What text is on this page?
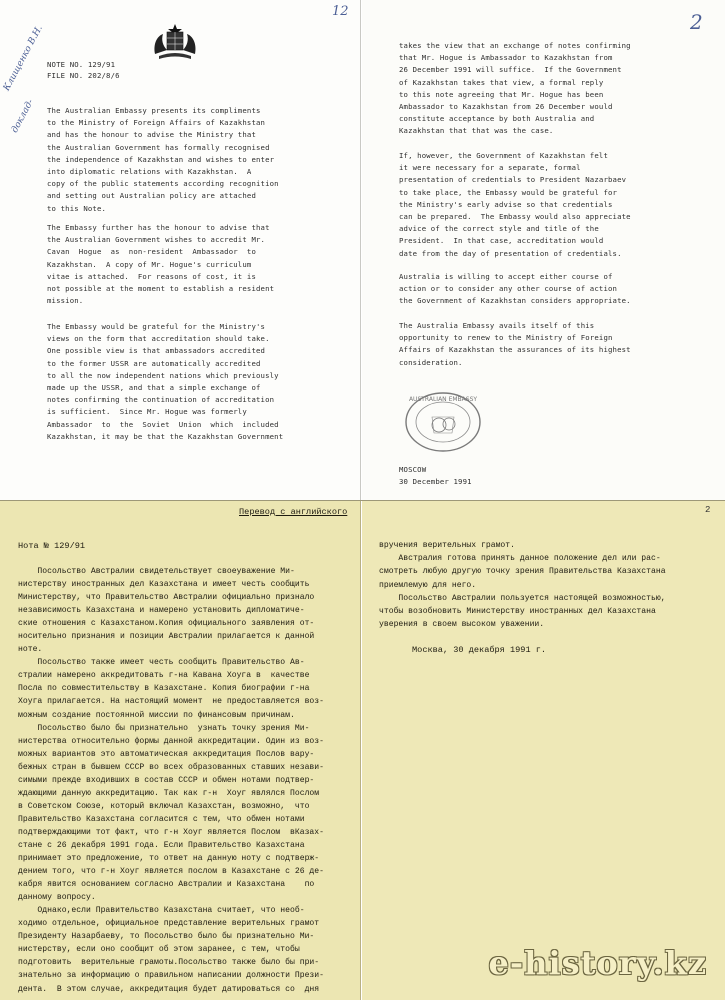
12
Клищенко В.Н.
доклад-
NOTE NO. 129/91
FILE NO. 202/8/6
The Australian Embassy presents its compliments
to the Ministry of Foreign Affairs of Kazakhstan
and has the honour to advise the Ministry that
the Australian Government has formally recognised
the independence of Kazakhstan and wishes to enter
into diplomatic relations with Kazakhstan.  A
copy of the public statements according recognition
and setting out Australian policy are attached
to this Note.
The Embassy further has the honour to advise that
the Australian Government wishes to accredit Mr.
Cavan  Hogue  as  non-resident  Ambassador  to
Kazakhstan.  A copy of Mr. Hogue's curriculum
vitae is attached.  For reasons of cost, it is
not possible at the moment to establish a resident
mission.
The Embassy would be grateful for the Ministry's
views on the form that accreditation should take.
One possible view is that ambassadors accredited
to the former USSR are automatically accredited
to all the now independent nations which previously
made up the USSR, and that a simple exchange of
notes confirming the continuation of accreditation
is sufficient.  Since Mr. Hogue was formerly
Ambassador  to  the  Soviet  Union  which  included
Kazakhstan, it may be that the Kazakhstan Government
2
takes the view that an exchange of notes confirming
that Mr. Hogue is Ambassador to Kazakhstan from
26 December 1991 will suffice.  If the Government
of Kazakhstan takes that view, a formal reply
to this note agreeing that Mr. Hogue has been
Ambassador to Kazakhstan from 26 December would
constitute acceptance by both Australia and
Kazakhstan that that was the case.
If, however, the Government of Kazakhstan felt
it were necessary for a separate, formal
presentation of credentials to President Nazarbaev
to take place, the Embassy would be grateful for
the Ministry's early advise so that credentials
can be prepared.  The Embassy would also appreciate
advice of the correct style and title of the
President.  In that case, accreditation would
date from the day of presentation of credentials.
Australia is willing to accept either course of
action or to consider any other course of action
the Government of Kazakhstan considers appropriate.
The Australia Embassy avails itself of this
opportunity to renew to the Ministry of Foreign
Affairs of Kazakhstan the assurances of its highest
consideration.
MOSCOW
30 December 1991
AUSTRALIAN EMBASSY
Нота № 129/91
Посольство Австралии свидетельствует своеуважение Ми-
нистерству иностранных дел Казахстана и имеет честь сообщить
Министерству, что Правительство Австралии официально признало
независимость Казахстана и намерено установить дипломатиче-
ские отношения с Казахстаном.Копия официального заявления от-
носительно признания и позиции Австралии прилагается к данной
ноте.
Посольство также имеет честь сообщить Правительство Ав-
стралии намерено аккредитовать г-на Кавана Хоуга в  качестве
Посла по совместительству в Казахстане. Копия биографии г-на
Хоуга прилагается. На настоящий момент  не предоставляется воз-
можным создание постоянной миссии по финансовым причинам.
Посольство было бы признательно  узнать точку зрения Ми-
нистерства относительно формы данной аккредитации. Один из воз-
можных вариантов это автоматическая аккредитация Послов вару-
бежных стран в бывшем СССР во всех образованных ставших незави-
симыми прежде входивших в состав СССР и обмен нотами подтвер-
ждающими данную аккредитацию. Так как г-н  Хоуг являлся Послом
в Советском Союзе, который включал Казахстан, возможно,  что
Правительство Казахстана согласится с тем, что обмен нотами
подтверждающими тот факт, что г-н Хоуг является Послом  вКазах-
стане с 26 декабря 1991 года. Если Правительство Казахстана
принимает это предложение, то ответ на данную ноту с подтверж-
дением того, что г-н Хоуг является послом в Казахстане с 26 де-
кабря явится основанием согласно Австралии и Казахстана    по
данному вопросу.
Однако,если Правительство Казахстана считает, что необ-
ходимо отдельное, официальное представление верительных грамот
Президенту Назарбаеву, то Посольство было бы признательно Ми-
нистерству, если оно сообщит об этом заранее, с тем, чтобы
подготовить  верительные грамоты.Посольство также было бы при-
знательно за информацию о правильном написании должности Прези-
дента.  В этом случае, аккредитация будет датироваться со  дня
Перевод с английского
вручения верительных грамот.
Австралия готова принять данное положение дел или рас-
смотреть любую другую точку зрения Правительства Казахстана
приемлемую для него.
Посольство Австралии пользуется настоящей возможностью,
чтобы возобновить Министерству иностранных дел Казахстана
уверения в своем высоком уважении.
Москва, 30 декабря 1991 г.
e-history.kz
2
